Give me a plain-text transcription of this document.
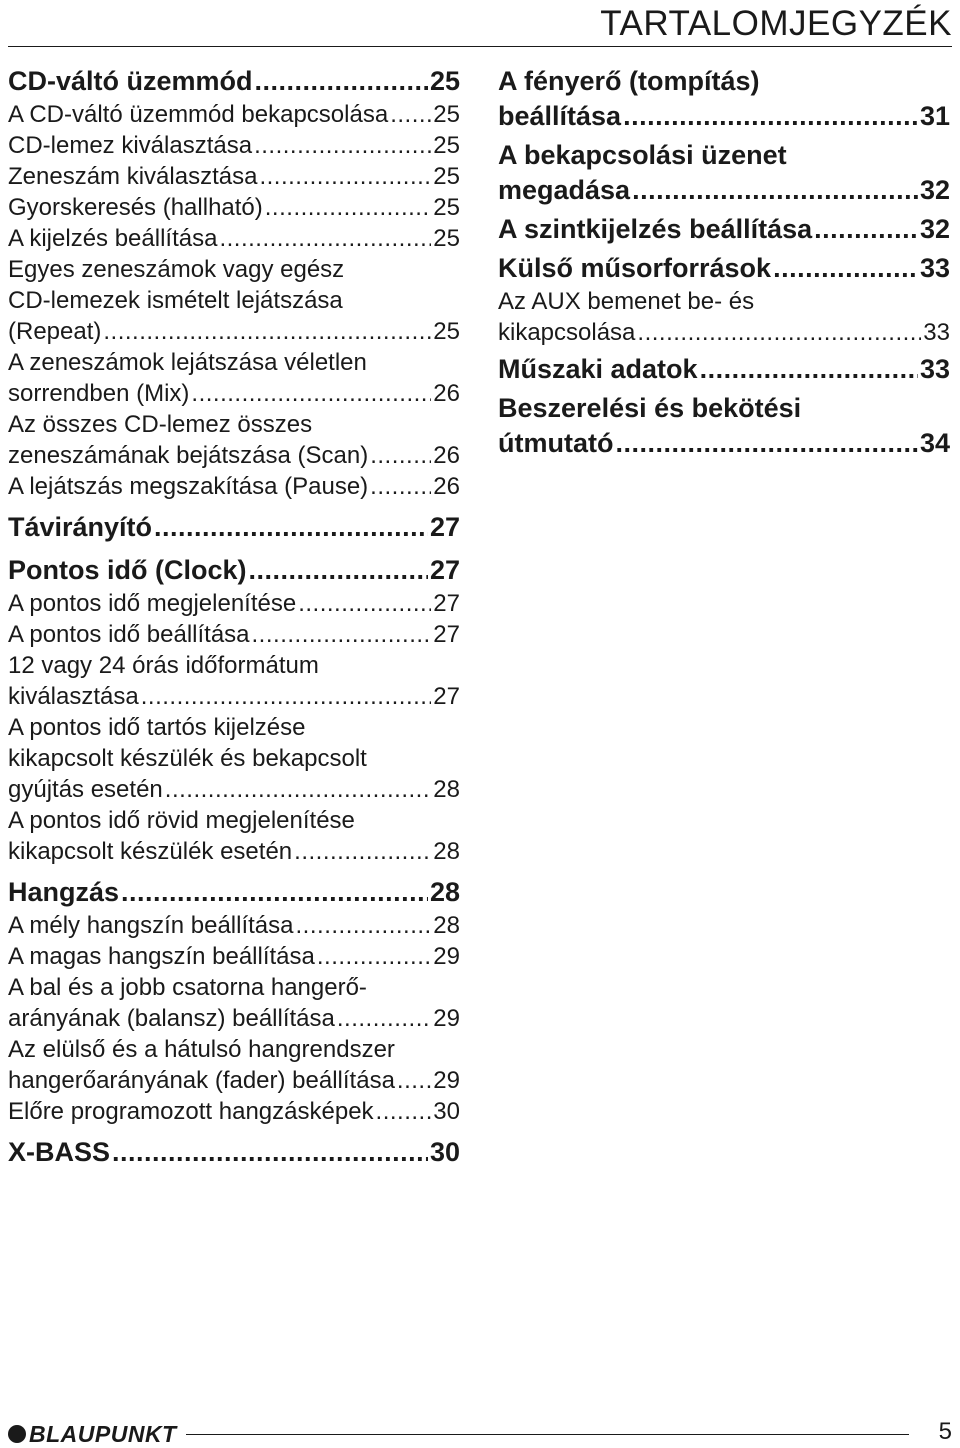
TARTALOMJEGYZÉK
CD-váltó üzemmód .....	25
A CD-váltó üzemmód bekapcsolása ..... 25
CD-lemez kiválasztása .....	25
Zeneszám kiválasztása .....	25
Gyorskeresés (hallható) .....	25
A kijelzés beállítása .....	25
Egyes zeneszámok vagy egész
CD-lemezek ismételt lejátszása
(Repeat) .....	25
A zeneszámok lejátszása véletlen
sorrendben (Mix) .....	26
Az összes CD-lemez összes
zeneszámának bejátszása (Scan) .....	26
A lejátszás megszakítása (Pause) .....	26
Távirányító .....	27
Pontos idő (Clock) .....	27
A pontos idő megjelenítése .....	27
A pontos idő beállítása .....	27
12 vagy 24 órás időformátum
kiválasztása .....	27
A pontos idő tartós kijelzése
kikapcsolt készülék és bekapcsolt
gyújtás esetén .....	28
A pontos idő rövid megjelenítése
kikapcsolt készülék esetén .....	28
Hangzás .....	28
A mély hangszín beállítása .....	28
A magas hangszín beállítása .....	29
A bal és a jobb csatorna hangerő-
arányának (balansz) beállítása .....	29
Az elülső és a hátulsó hangrendszer
hangerőarányának (fader) beállítása ..... 29
Előre programozott hangzásképek ..... 30
X-BASS .....	30
A fényerő (tompítás)
beállítása .....	31
A bekapcsolási üzenet
megadása .....	32
A szintkijelzés beállítása .....	32
Külső műsorforrások .....	33
Az AUX bemenet be- és
kikapcsolása .....	33
Műszaki adatok .....	33
Beszerelési és bekötési
útmutató .....	34
BLAUPUNKT	5
